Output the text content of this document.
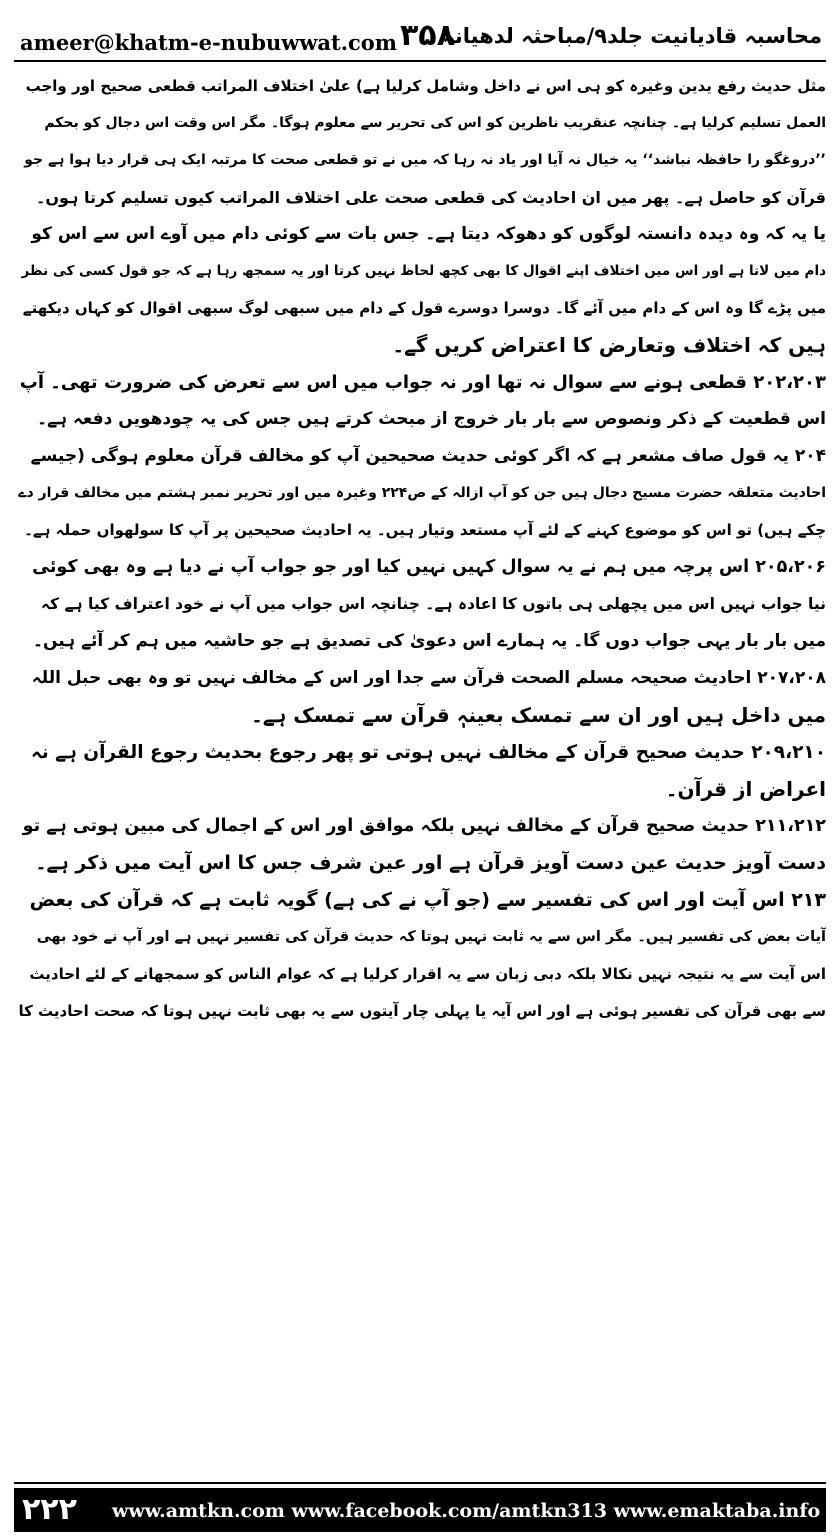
ameer@khatm-e-nubuwwat.com ۳۵۸
محاسبہ قادیانیت جلد۹/مباحثہ لدھیانہ
مثل حدیث رفع یدین وغیرہ کو ہی اس نے داخل وشامل کرلیا ہے) علیٰ اختلاف المراتب قطعی صحیح اور واجب
العمل تسلیم کرلیا ہے۔ چنانچہ عنقریب ناظرین کو اس کی تحریر سے معلوم ہوگا۔ مگر اس وقت اس دجال کو بحکم
’’دروغگو را حافظہ نباشد‘‘ یہ خیال نہ آیا اور یاد نہ رہا کہ میں نے تو قطعی صحت کا مرتبہ ایک ہی قرار دیا ہوا ہے جو
قرآن کو حاصل ہے۔ پھر میں ان احادیث کی قطعی صحت علی اختلاف المراتب کیوں تسلیم کرتا ہوں۔
یا یہ کہ وہ دیدہ دانستہ لوگوں کو دھوکہ دیتا ہے۔ جس بات سے کوئی دام میں آوے اس سے اس کو
دام میں لاتا ہے اور اس میں اختلاف اپنے اقوال کا بھی کچھ لحاظ نہیں کرتا اور یہ سمجھ رہا ہے کہ جو قول کسی کی نظر
میں پڑے گا وہ اس کے دام میں آئے گا۔ دوسرا دوسرے قول کے دام میں سبھی لوگ سبھی اقوال کو کہاں دیکھتے
ہیں کہ اختلاف وتعارض کا اعتراض کریں گے۔
۲۰۲،۲۰۳ قطعی ہونے سے سوال نہ تھا اور نہ جواب میں اس سے تعرض کی ضرورت تھی۔ آپ
اس قطعیت کے ذکر ونصوص سے بار بار خروج از مبحث کرتے ہیں جس کی یہ چودھویں دفعہ ہے۔
۲۰۴ یہ قول صاف مشعر ہے کہ اگر کوئی حدیث صحیحین آپ کو مخالف قرآن معلوم ہوگی (جیسے
احادیث متعلقہ حضرت مسیح دجال ہیں جن کو آپ ازالہ کے ص۲۲۴ وغیرہ میں اور تحریر نمبر ہشتم میں مخالف قرار دے
چکے ہیں) تو اس کو موضوع کہنے کے لئے آپ مستعد وتیار ہیں۔ یہ احادیث صحیحین پر آپ کا سولھواں حملہ ہے۔
۲۰۵،۲۰۶ اس پرچہ میں ہم نے یہ سوال کہیں نہیں کیا اور جو جواب آپ نے دیا ہے وہ بھی کوئی
نیا جواب نہیں اس میں پچھلی ہی باتوں کا اعادہ ہے۔ چنانچہ اس جواب میں آپ نے خود اعتراف کیا ہے کہ
میں بار بار یہی جواب دوں گا۔ یہ ہمارے اس دعویٰ کی تصدیق ہے جو حاشیہ میں ہم کر آئے ہیں۔
۲۰۷،۲۰۸ احادیث صحیحہ مسلم الصحت قرآن سے جدا اور اس کے مخالف نہیں تو وہ بھی حبل اللہ
میں داخل ہیں اور ان سے تمسک بعینہٖ قرآن سے تمسک ہے۔
۲۰۹،۲۱۰ حدیث صحیح قرآن کے مخالف نہیں ہوتی تو پھر رجوع بحدیث رجوع القرآن ہے نہ
اعراض از قرآن۔
۲۱۱،۲۱۲ حدیث صحیح قرآن کے مخالف نہیں بلکہ موافق اور اس کے اجمال کی مبین ہوتی ہے تو
دست آویز حدیث عین دست آویز قرآن ہے اور عین شرف جس کا اس آیت میں ذکر ہے۔
۲۱۳ اس آیت اور اس کی تفسیر سے (جو آپ نے کی ہے) گویہ ثابت ہے کہ قرآن کی بعض
آیات بعض کی تفسیر ہیں۔ مگر اس سے یہ ثابت نہیں ہوتا کہ حدیث قرآن کی تفسیر نہیں ہے اور آپ نے خود بھی
اس آیت سے یہ نتیجہ نہیں نکالا بلکہ دبی زبان سے یہ اقرار کرلیا ہے کہ عوام الناس کو سمجھانے کے لئے احادیث
سے بھی قرآن کی تفسیر ہوئی ہے اور اس آیہ یا پہلی چار آیتوں سے یہ بھی ثابت نہیں ہوتا کہ صحت احادیث کا
۲۲۲ www.amtkn.com www.facebook.com/amtkn313 www.emaktaba.info
